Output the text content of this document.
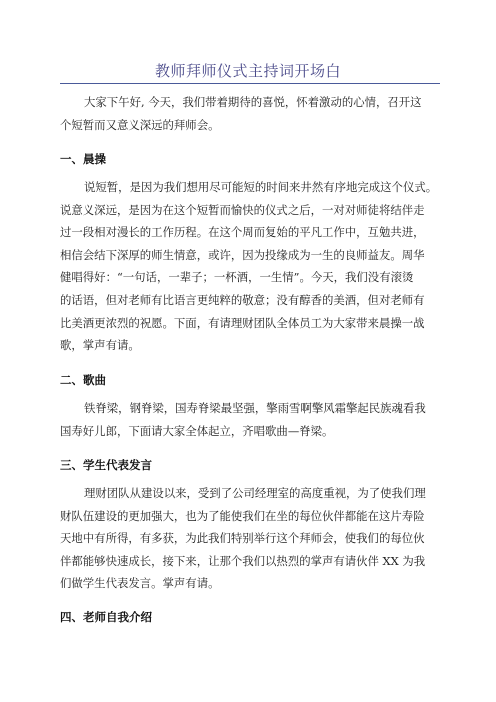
教师拜师仪式主持词开场白
大家下午好, 今天，我们带着期待的喜悦，怀着激动的心情，召开这
个短暂而又意义深远的拜师会。
一、晨操
说短暂，是因为我们想用尽可能短的时间来井然有序地完成这个仪式。
说意义深远，是因为在这个短暂而愉快的仪式之后，一对对师徒将结伴走
过一段相对漫长的工作历程。在这个周而复始的平凡工作中，互勉共进，
相信会结下深厚的师生情意，或许，因为投缘成为一生的良师益友。周华
健唱得好：“一句话，一辈子；一杯酒，一生情”。今天，我们没有滚烫
的话语，但对老师有比语言更纯粹的敬意；没有醇香的美酒，但对老师有
比美酒更浓烈的祝愿。下面，有请理财团队全体员工为大家带来晨操一战
歌，掌声有请。
二、歌曲
铁脊梁，钢脊梁，国寿脊梁最坚强，擎雨雪啊擎风霜擎起民族魂看我
国寿好儿郎，下面请大家全体起立，齐唱歌曲—脊梁。
三、学生代表发言
理财团队从建设以来，受到了公司经理室的高度重视，为了使我们理
财队伍建设的更加强大，也为了能使我们在坐的每位伙伴都能在这片寿险
天地中有所得，有多获，为此我们特别举行这个拜师会，使我们的每位伙
伴都能够快速成长，接下来，让那个我们以热烈的掌声有请伙伴 XX 为我
们做学生代表发言。掌声有请。
四、老师自我介绍
